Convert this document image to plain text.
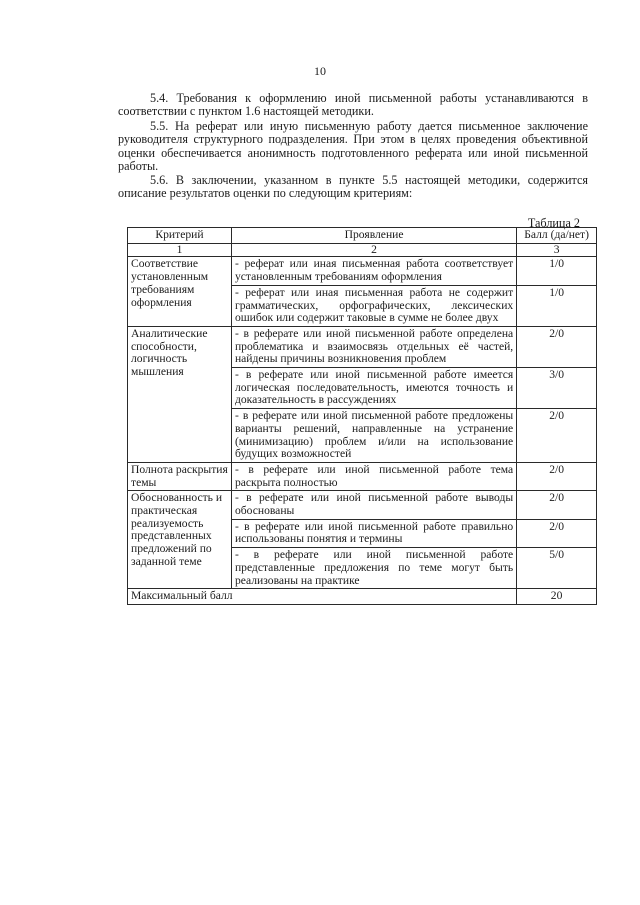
10

5.4. Требования к оформлению иной письменной работы устанавливаются в соответствии с пунктом 1.6 настоящей методики.

5.5. На реферат или иную письменную работу дается письменное заключение руководителя структурного подразделения. При этом в целях проведения объективной оценки обеспечивается анонимность подготовленного реферата или иной письменной работы.

5.6. В заключении, указанном в пункте 5.5 настоящей методики, содержится описание результатов оценки по следующим критериям:

Таблица 2
Критерий	Проявление	Балл (да/нет)
1	2	3
Соответствие установленным требованиям оформления	- реферат или иная письменная работа соответствует установленным требованиям оформления	1/0
	- реферат или иная письменная работа не содержит грамматических, орфографических, лексических ошибок или содержит таковые в сумме не более двух	1/0
Аналитические способности, логичность мышления	- в реферате или иной письменной работе определена проблематика и взаимосвязь отдельных её частей, найдены причины возникновения проблем	2/0
	- в реферате или иной письменной работе имеется логическая последовательность, имеются точность и доказательность в рассуждениях	3/0
	- в реферате или иной письменной работе предложены варианты решений, направленные на устранение (минимизацию) проблем и/или на использование будущих возможностей	2/0
Полнота раскрытия темы	- в реферате или иной письменной работе тема раскрыта полностью	2/0
Обоснованность и практическая реализуемость представленных предложений по заданной теме	- в реферате или иной письменной работе выводы обоснованы	2/0
	- в реферате или иной письменной работе правильно использованы понятия и термины	2/0
	- в реферате или иной письменной работе представленные предложения по теме могут быть реализованы на практике	5/0
Максимальный балл		20
